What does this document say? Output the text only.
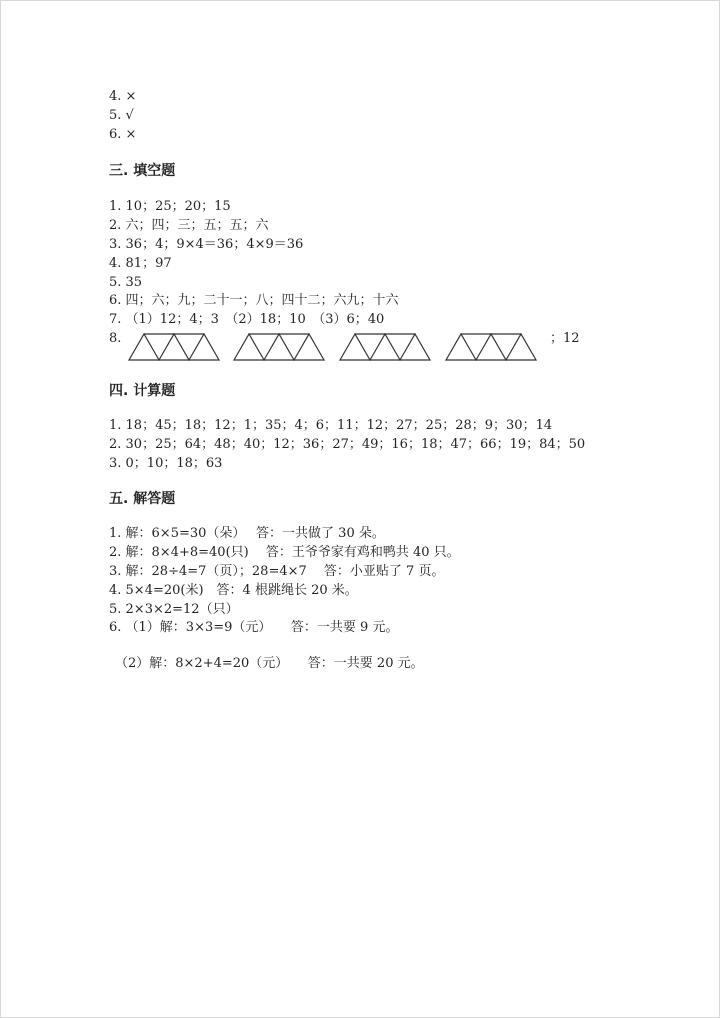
4. ×
5. √
6. ×
三. 填空题
1. 10；25；20；15
2. 六；四；三；五；五；六
3. 36；4；9×4＝36；4×9＝36
4. 81；97
5. 35
6. 四；六；九；二十一；八；四十二；六九；十六
7. （1）12；4；3　（2）18；10　（3）6；40
8.	；12
四. 计算题
1. 18；45；18；12；1；35；4；6；11；12；27；25；28；9；30；14
2. 30；25；64；48；40；12；36；27；49；16；18；47；66；19；84；50
3. 0；10；18；63
五. 解答题
1. 解：6×5=30（朵）　 答：一共做了 30 朵。
2. 解：8×4+8=40(只)　 答：王爷爷家有鸡和鸭共 40 只。
3. 解：28÷4=7（页）；28=4×7　 答：小亚贴了 7 页。
4. 5×4=20(米)　答：4 根跳绳长 20 米。
5. 2×3×2=12（只）
6. （1）解：3×3=9（元）　　答：一共要 9 元。
（2）解：8×2+4=20（元）　　答：一共要 20 元。
